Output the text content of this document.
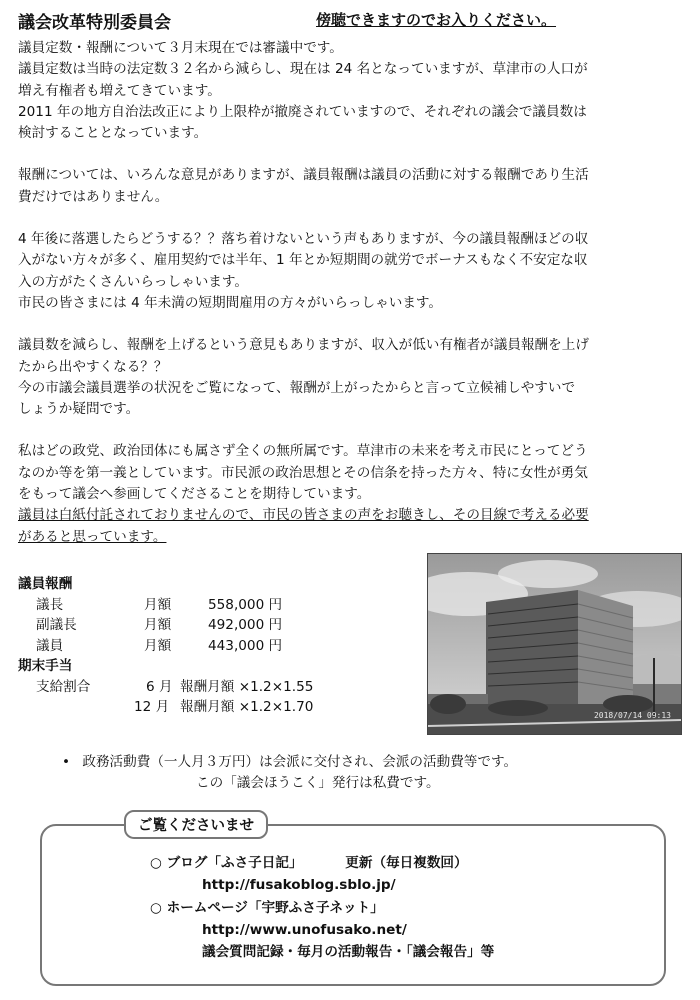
議会改革特別委員会	傍聴できますのでお入りください。

議員定数・報酬について３月末現在では審議中です。

議員定数は当時の法定数３２名から減らし、現在は 24 名となっていますが、草津市の人口が

増え有権者も増えてきています。

2011 年の地方自治法改正により上限枠が撤廃されていますので、それぞれの議会で議員数は

検討することとなっています。

報酬については、いろんな意見がありますが、議員報酬は議員の活動に対する報酬であり生活

費だけではありません。

4 年後に落選したらどうする？？落ち着けないという声もありますが、今の議員報酬ほどの収

入がない方々が多く、雇用契約では半年、1 年とか短期間の就労でボーナスもなく不安定な収

入の方がたくさんいらっしゃいます。

市民の皆さまには 4 年未満の短期間雇用の方々がいらっしゃいます。

議員数を減らし、報酬を上げるという意見もありますが、収入が低い有権者が議員報酬を上げ

たから出やすくなる？？

今の市議会議員選挙の状況をご覧になって、報酬が上がったからと言って立候補しやすいで

しょうか疑問です。

私はどの政党、政治団体にも属さず全くの無所属です。草津市の未来を考え市民にとってどう

なのか等を第一義としています。市民派の政治思想とその信条を持った方々、特に女性が勇気

をもって議会へ参画してくださることを期待しています。

議員は白紙付託されておりませんので、市民の皆さまの声をお聴きし、その目線で考える必要

があると思っています。

議員報酬
議長	月額	558,000 円
副議長	月額	492,000 円
議員	月額	443,000 円
期末手当
支給割合	6 月 報酬月額 ×1.2×1.55
12 月 報酬月額 ×1.2×1.70
2018/07/14 09:13
• 政務活動費（一人月３万円）は会派に交付され、会派の活動費等です。
この「議会ほうこく」発行は私費です。
ご覧くださいませ
○ ブログ「ふさ子日記」	更新（毎日複数回）
http://fusakoblog.sblo.jp/
○ ホームページ「宇野ふさ子ネット」
http://www.unofusako.net/
議会質問記録・毎月の活動報告・「議会報告」等
